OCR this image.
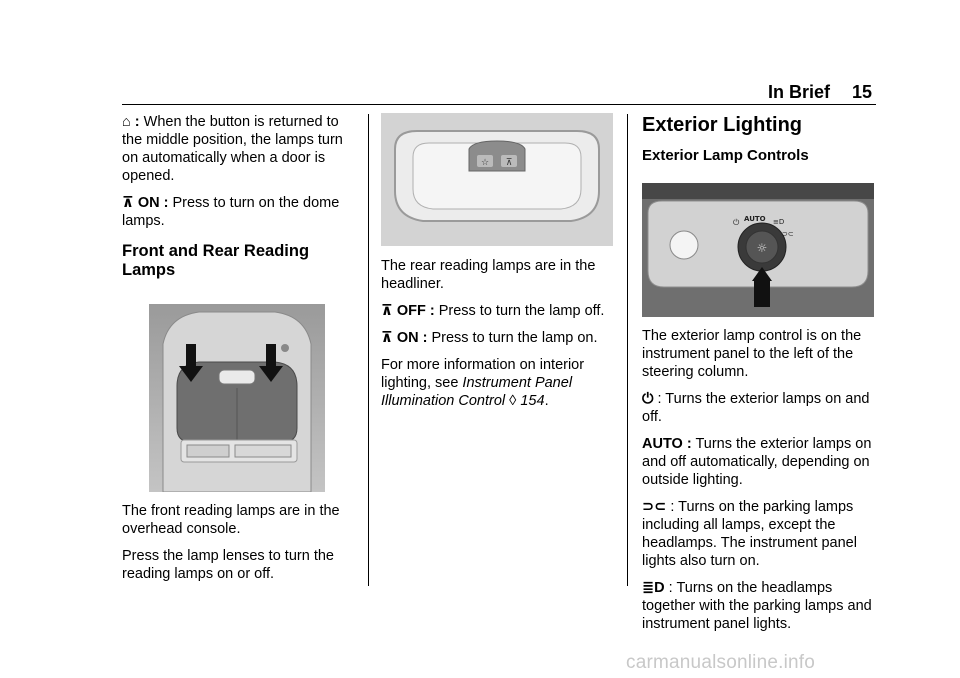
In Brief 15

⌂ : When the button is returned to the middle position, the lamps turn on automatically when a door is opened.

⊼ ON : Press to turn on the dome lamps.

Front and Rear Reading Lamps

The front reading lamps are in the overhead console.

Press the lamp lenses to turn the reading lamps on or off.

☆ ⊼

The rear reading lamps are in the headliner.

⊼ OFF : Press to turn the lamp off.

⊼ ON : Press to turn the lamp on.

For more information on interior lighting, see Instrument Panel Illumination Control ◊ 154.

Exterior Lighting
Exterior Lamp Controls
☼
⏻ AUTO ≡D
⊃⊂

The exterior lamp control is on the instrument panel to the left of the steering column.

⏻ : Turns the exterior lamps on and off.

AUTO : Turns the exterior lamps on and off automatically, depending on outside lighting.

⊃⊂ : Turns on the parking lamps including all lamps, except the headlamps. The instrument panel lights also turn on.

≣D : Turns on the headlamps together with the parking lamps and instrument panel lights.

carmanualsonline.info
